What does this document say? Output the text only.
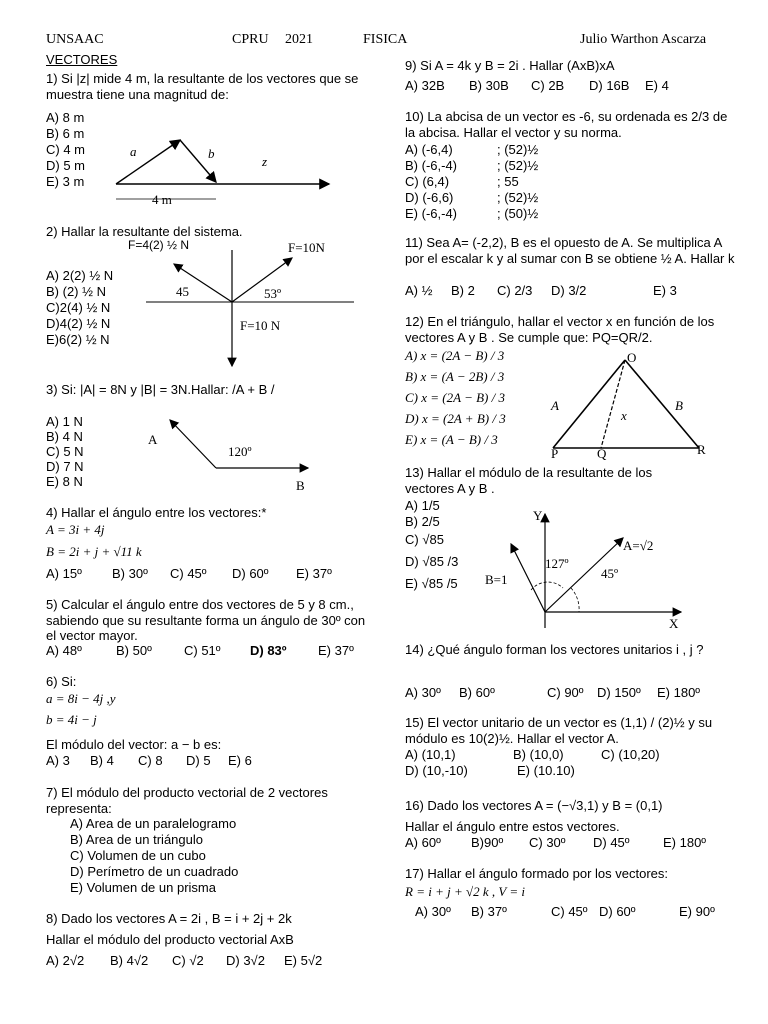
UNSAAC	CPRU 2021	FISICA	Julio Warthon Ascarza
VECTORES
1) Si |z| mide 4 m, la resultante de los vectores que se muestra tiene una magnitud de:
A) 8 m
B) 6 m
C) 4 m
D) 5 m
E) 3 m
a	b
z
4 m
2) Hallar la resultante del sistema.
A) 2(2) ½ N
B) (2) ½ N
C)2(4) ½ N
D)4(2) ½ N
E)6(2) ½ N
F=4(2) ½ N	F=10N
45	53º
F=10 N
3) Si: |A| = 8N y |B| = 3N.Hallar: /A + B /
A) 1 N
B) 4 N
C) 5 N
D) 7 N
E) 8 N
A
120º
B
4) Hallar el ángulo entre los vectores:*
A = 3i + 4j
B = 2i + j + √11 k
A) 15º B) 30º C) 45º D) 60º E) 37º
5) Calcular el ángulo entre dos vectores de 5 y 8 cm., sabiendo que su resultante forma un ángulo de 30º con el vector mayor.
A) 48º	B) 50º C) 51º D) 83º E) 37º
6) Si:
a = 8i − 4j ,y
b = 4i − j
El módulo del vector: a − b es:
A) 3 B) 4 C) 8 D) 5 E) 6
7) El módulo del producto vectorial de 2 vectores representa:
A) Area de un paralelogramo
B) Area de un triángulo
C) Volumen de un cubo
D) Perímetro de un cuadrado
E) Volumen de un prisma
8) Dado los vectores A = 2i , B = i + 2j + 2k
Hallar el módulo del producto vectorial AxB
A) 2√2 B) 4√2 C) √2 D) 3√2 E) 5√2
9) Si A = 4k y B = 2i . Hallar (AxB)xA
A) 32B B) 30B C) 2B D) 16B E) 4
10) La abcisa de un vector es -6, su ordenada es 2/3 de la abcisa. Hallar el vector y su norma.
A) (-6,4)	; (52)½
B) (-6,-4)	; (52)½
C) (6,4)	; 55
D) (-6,6)	; (52)½
E) (-6,-4)	; (50)½
11) Sea A= (-2,2), B es el opuesto de A. Se multiplica A por el escalar k y al sumar con B se obtiene ½ A. Hallar k
A) ½ B) 2 C) 2/3 D) 3/2	E) 3
12) En el triángulo, hallar el vector x en función de los vectores A y B . Se cumple que: PQ=QR/2.
A) x = (2A − B) / 3
B) x = (A − 2B) / 3
C) x = (2A − B) / 3
D) x = (2A + B) / 3
E) x = (A − B) / 3
O
P	Q	R
A
x
B
13) Hallar el módulo de la resultante de los vectores A y B .
A) 1/5
B) 2/5
C) √85
D) √85 /3
E) √85 /5
Y
X
B=1
A=√2
127º
45º
14) ¿Qué ángulo forman los vectores unitarios i , j ?
A) 30º B) 60º	C) 90º D) 150º E) 180º
15) El vector unitario de un vector es (1,1) / (2)½ y su módulo es 10(2)½. Hallar el vector A.
A) (10,1)	B) (10,0)	C) (10,20)
D) (10,-10)	E) (10.10)
16) Dado los vectores A = (−√3,1) y B = (0,1)
Hallar el ángulo entre estos vectores.
A) 60º B)90º C) 30º D) 45º	E) 180º
17) Hallar el ángulo formado por los vectores:
R = i + j + √2 k , V = i
A) 30º B) 37º	C) 45º D) 60º	E) 90º
